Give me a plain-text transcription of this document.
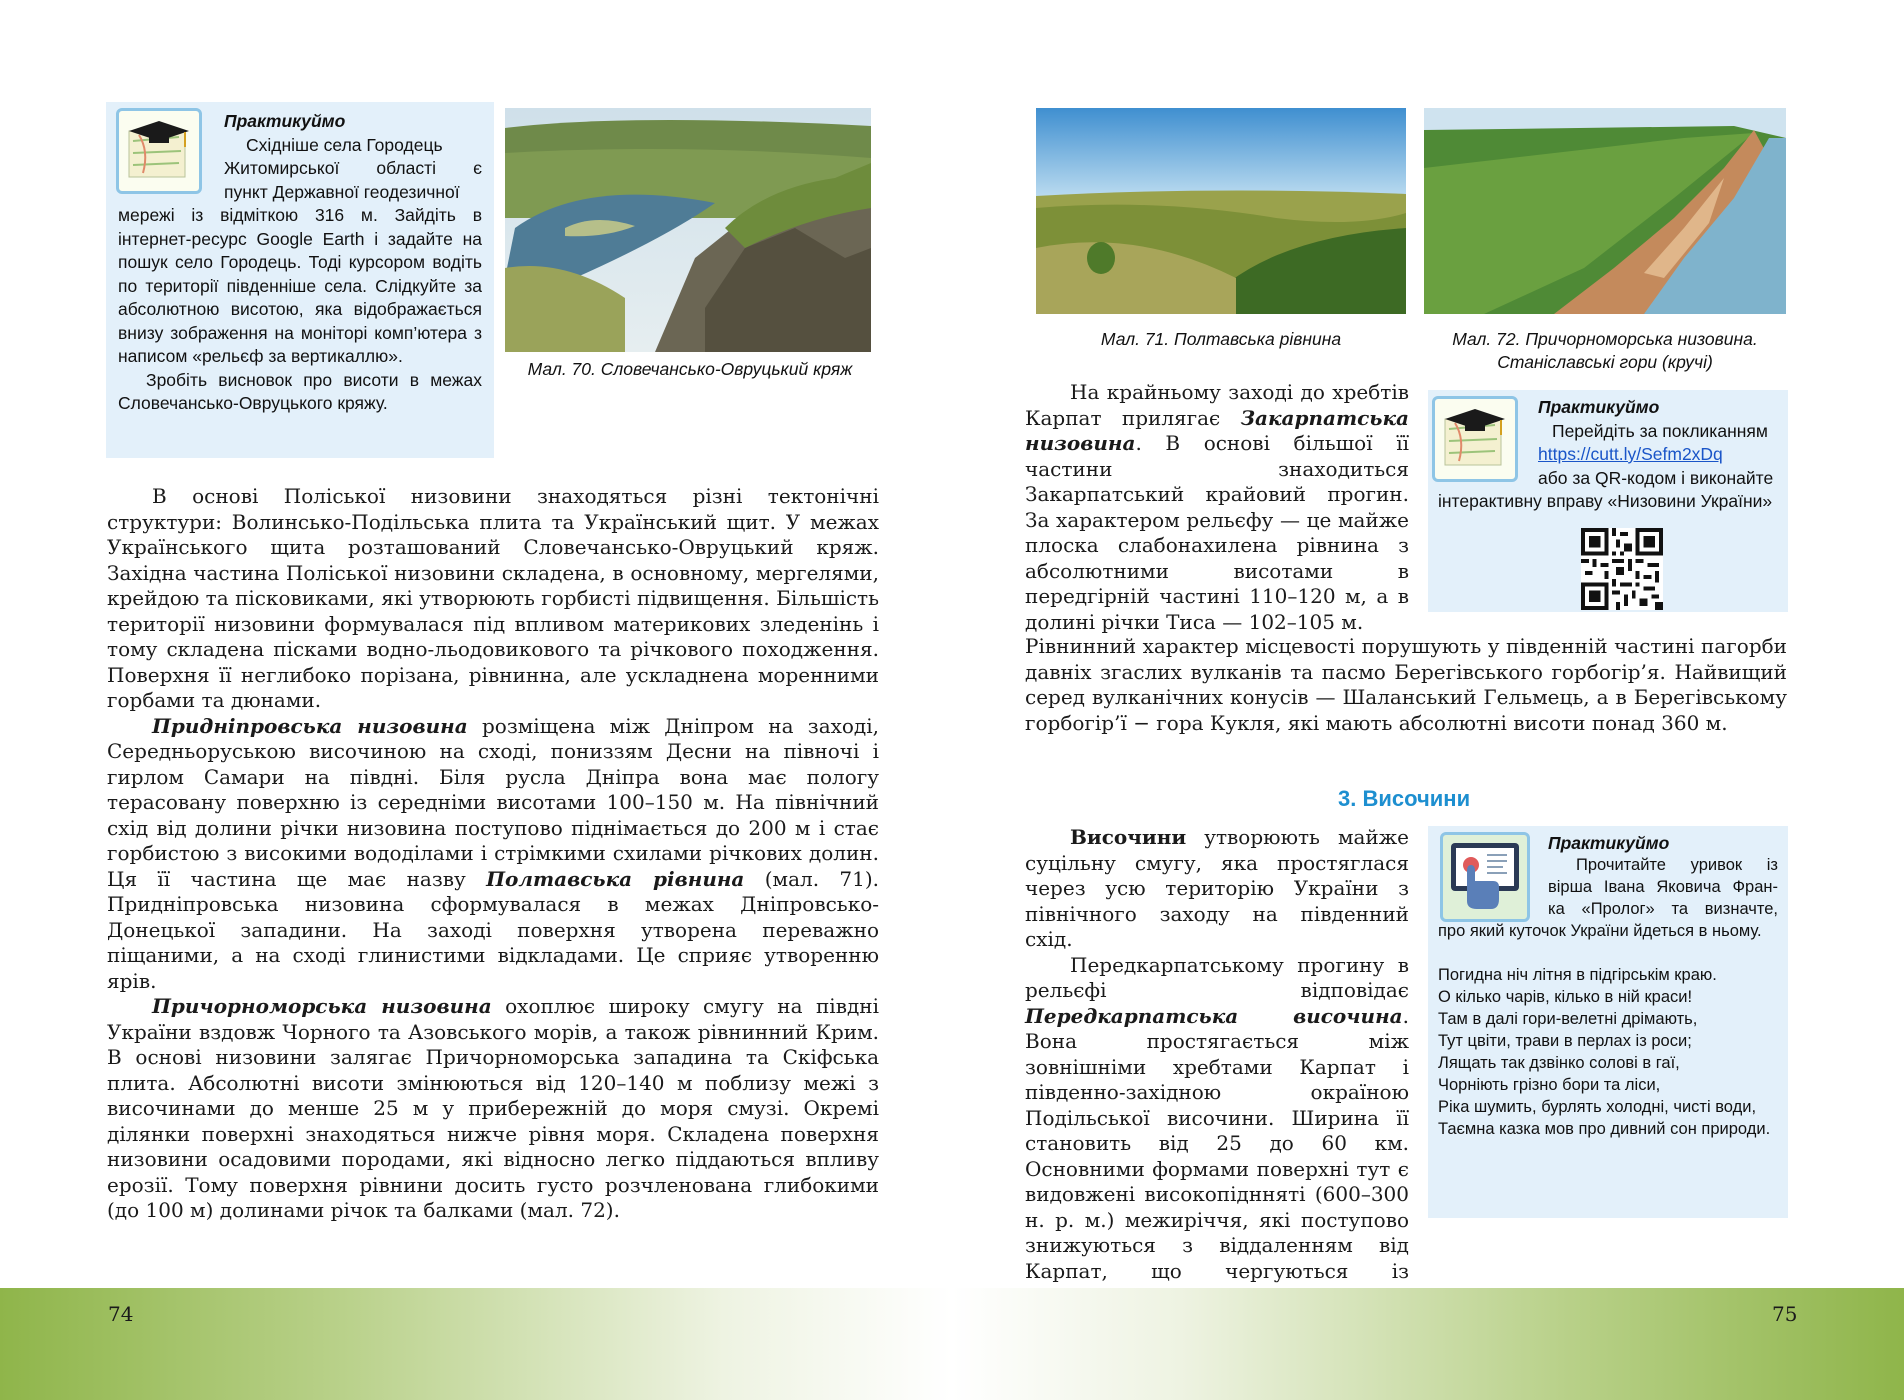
Практикуймо

Східніше села Городець

Житомирської області є

пункт Державної геодезичної

мережі із відміткою 316 м. Зайдіть в інтернет-ресурс Google Earth і задайте на пошук село Городець. Тоді курсором водіть по території південніше села. Слідкуйте за абсолютною висотою, яка відображається внизу зображення на моніторі комп’ютера з написом «рельєф за вертикаллю».

Зробіть висновок про висоти в межах Словечансько-Овруцького кряжу.

Мал. 70. Словечансько-Овруцький кряж

В основі Поліської низовини знаходяться різні тектонічні структури: Волинсько-Подільська плита та Український щит. У межах Українського щита розташований Словечансько-Овруцький кряж. Західна частина Поліської низовини складена, в основному, мергелями, крейдою та пісковиками, які утворюють горбисті підвищення. Більшість території низовини формувалася під впливом материкових зледенінь і тому складена пісками водно-льодовикового та річкового походження. Поверхня її неглибоко порізана, рівнинна, але ускладнена моренними горбами та дюнами.

Придніпровська низовина розміщена між Дніпром на заході, Середньоруською височиною на сході, пониззям Десни на півночі і гирлом Самари на півдні. Біля русла Дніпра вона має пологу терасовану поверхню із середніми висотами 100–150 м. На північний схід від долини річки низовина поступово піднімається до 200 м і стає горбистою з високими вододілами і стрімкими схилами річкових долин. Ця її частина ще має назву Полтавська рівнина (мал. 71). Придніпровська низовина сформувалася в межах Дніпровсько-Донецької западини. На заході поверхня утворена переважно піщаними, а на сході глинистими відкладами. Це сприяє утворенню ярів.

Причорноморська низовина охоплює широку смугу на півдні України вздовж Чорного та Азовського морів, а також рівнинний Крим. В основі низовини залягає Причорноморська западина та Скіфська плита. Абсолютні висоти змінюються від 120–140 м поблизу межі з височинами до менше 25 м у прибережній до моря смузі. Окремі ділянки поверхні знаходяться нижче рівня моря. Складена поверхня низовини осадовими породами, які відносно легко піддаються впливу ерозії. Тому поверхня рівнини досить густо розчленована глибокими (до 100 м) долинами річок та балками (мал. 72).

Мал. 71. Полтавська рівнина	Мал. 72. Причорноморська низовина.
Станіславські гори (кручі)

На крайньому заході до хребтів Карпат прилягає Закарпатська низовина. В основі більшої її частини знаходиться Закарпатський крайовий прогин. За характером рельєфу — це майже плоска слабонахилена рівнина з абсолютними висотами в передгірній частині 110–120 м, а в долині річки Тиса — 102–105 м.

Рівнинний характер місцевості порушують у південній частині пагорби давніх згаслих вулканів та пасмо Берегівського горбогір’я. Найвищий серед вулканічних конусів — Шаланський Гельмець, а в Берегівському горбогір’ї − гора Кукля, які мають абсолютні висоти понад 360 м.

Практикуймо
Перейдіть за покликанням
https://cutt.ly/Sefm2xDq
або за QR-кодом і виконайте
інтерактивну вправу «Низовини України»
3. Височини

Височини утворюють майже суцільну смугу, яка простяглася через усю територію України з північного заходу на південний схід.

Передкарпатському прогину в рельєфі відповідає Передкарпатська височина. Вона простягається між зовнішніми хребтами Карпат і південно-західною окраїною Подільської височини. Ширина її становить від 25 до 60 км. Основними формами поверхні тут є видовжені високопіднняті (600–300 н. р. м.) межиріччя, які поступово знижуються з віддаленням від Карпат, що чергуються із

Практикуймо

Прочитайте уривок із

вірша Івана Яковича Фран-

ка «Пролог» та визначте,

про який куточок України йдеться в ньому.

Погидна ніч літня в підгірськім краю.
О кілько чарів, кілько в ній краси!
Там в далі гори-велетні дрімають,
Тут цвіти, трави в перлах із роси;
Лящать так дзвінко солові в гаї,
Чорніють грізно бори та ліси,
Ріка шумить, бурлять холодні, чисті води,
Таємна казка мов про дивний сон природи.
74	75
